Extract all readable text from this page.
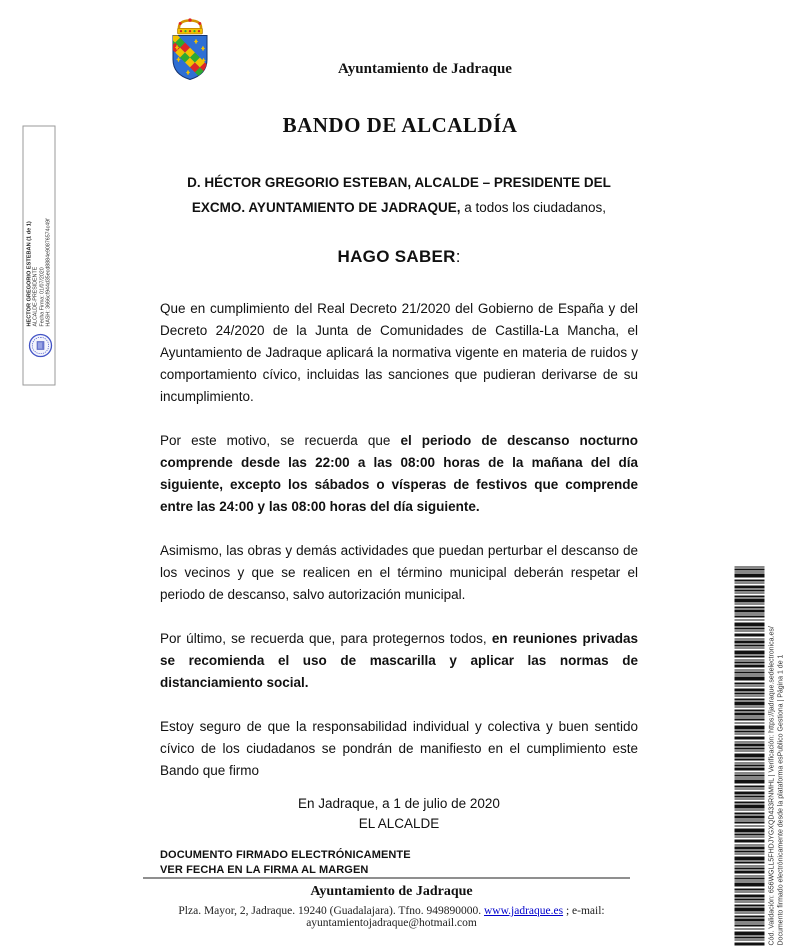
HECTOR GREGORIO ESTEBAN (1 de 1) ALCALDE-PRESIDENTE Fecha Firma: 01/07/2020 HASH: 3666cf944d35ecd8884e90876574c49f
Cód. Validación: 656WGLL5FHDJYGXQD433RNMHL | Verificación: https://jadraque.sedelectronica.es/ Documento firmado electrónicamente desde la plataforma esPublico Gestiona | Página 1 de 1
Ayuntamiento de Jadraque
BANDO DE ALCALDÍA

D. HÉCTOR GREGORIO ESTEBAN, ALCALDE – PRESIDENTE DEL EXCMO. AYUNTAMIENTO DE JADRAQUE, a todos los ciudadanos,

HAGO SABER:

Que en cumplimiento del Real Decreto 21/2020 del Gobierno de España y del Decreto 24/2020 de la Junta de Comunidades de Castilla-La Mancha, el Ayuntamiento de Jadraque aplicará la normativa vigente en materia de ruidos y comportamiento cívico, incluidas las sanciones que pudieran derivarse de su incumplimiento.

Por este motivo, se recuerda que el periodo de descanso nocturno comprende desde las 22:00 a las 08:00 horas de la mañana del día siguiente, excepto los sábados o vísperas de festivos que comprende entre las 24:00 y las 08:00 horas del día siguiente.

Asimismo, las obras y demás actividades que puedan perturbar el descanso de los vecinos y que se realicen en el término municipal deberán respetar el periodo de descanso, salvo autorización municipal.

Por último, se recuerda que, para protegernos todos, en reuniones privadas se recomienda el uso de mascarilla y aplicar las normas de distanciamiento social.

Estoy seguro de que la responsabilidad individual y colectiva y buen sentido cívico de los ciudadanos se pondrán de manifiesto en el cumplimiento este Bando que firmo

En Jadraque, a 1 de julio de 2020
EL ALCALDE

DOCUMENTO FIRMADO ELECTRÓNICAMENTE
VER FECHA EN LA FIRMA AL MARGEN
Ayuntamiento de Jadraque
Plza. Mayor, 2, Jadraque. 19240 (Guadalajara). Tfno. 949890000. www.jadraque.es ; e-mail: ayuntamientojadraque@hotmail.com
